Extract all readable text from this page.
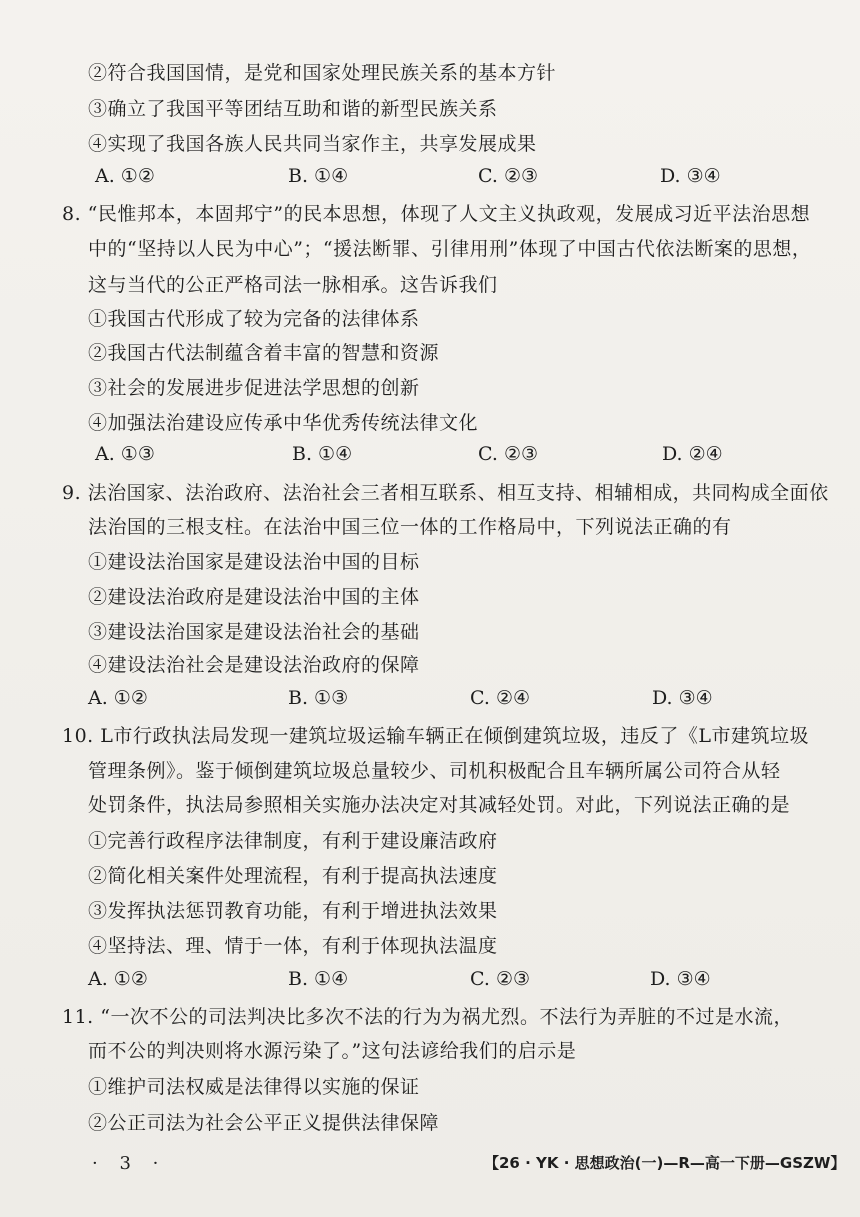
②符合我国国情，是党和国家处理民族关系的基本方针
③确立了我国平等团结互助和谐的新型民族关系
④实现了我国各族人民共同当家作主，共享发展成果
A. ①②	B. ①④	C. ②③	D. ③④
8. “民惟邦本，本固邦宁”的民本思想，体现了人文主义执政观，发展成习近平法治思想
中的“坚持以人民为中心”；“援法断罪、引律用刑”体现了中国古代依法断案的思想，
这与当代的公正严格司法一脉相承。这告诉我们
①我国古代形成了较为完备的法律体系
②我国古代法制蕴含着丰富的智慧和资源
③社会的发展进步促进法学思想的创新
④加强法治建设应传承中华优秀传统法律文化
A. ①③	B. ①④	C. ②③	D. ②④
9. 法治国家、法治政府、法治社会三者相互联系、相互支持、相辅相成，共同构成全面依
法治国的三根支柱。在法治中国三位一体的工作格局中，下列说法正确的有
①建设法治国家是建设法治中国的目标
②建设法治政府是建设法治中国的主体
③建设法治国家是建设法治社会的基础
④建设法治社会是建设法治政府的保障
A. ①②	B. ①③	C. ②④	D. ③④
10. L市行政执法局发现一建筑垃圾运输车辆正在倾倒建筑垃圾，违反了《L市建筑垃圾
管理条例》。鉴于倾倒建筑垃圾总量较少、司机积极配合且车辆所属公司符合从轻
处罚条件，执法局参照相关实施办法决定对其减轻处罚。对此，下列说法正确的是
①完善行政程序法律制度，有利于建设廉洁政府
②简化相关案件处理流程，有利于提高执法速度
③发挥执法惩罚教育功能，有利于增进执法效果
④坚持法、理、情于一体，有利于体现执法温度
A. ①②	B. ①④	C. ②③	D. ③④
11. “一次不公的司法判决比多次不法的行为为祸尤烈。不法行为弄脏的不过是水流，
而不公的判决则将水源污染了。”这句法谚给我们的启示是
①维护司法权威是法律得以实施的保证
②公正司法为社会公平正义提供法律保障
· 3 ·	【26 · YK · 思想政治(一)—R—高一下册—GSZW】
